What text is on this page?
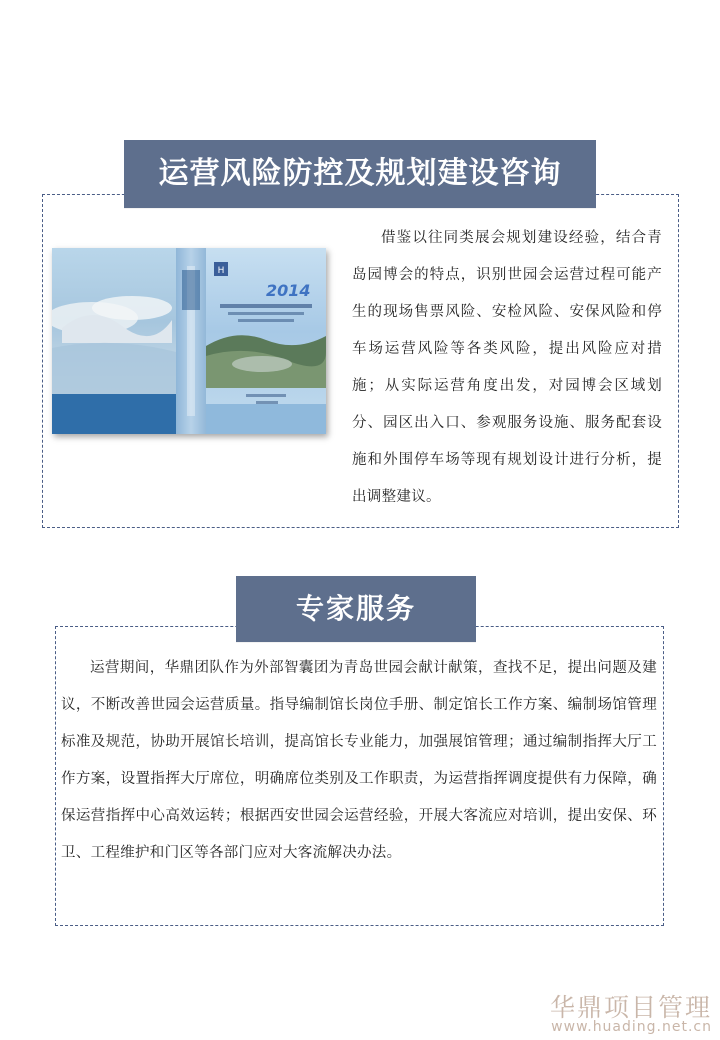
运营风险防控及规划建设咨询
H
2014

借鉴以往同类展会规划建设经验，结合青岛园博会的特点，识别世园会运营过程可能产生的现场售票风险、安检风险、安保风险和停车场运营风险等各类风险，提出风险应对措施；从实际运营角度出发，对园博会区域划分、园区出入口、参观服务设施、服务配套设施和外围停车场等现有规划设计进行分析，提出调整建议。

专家服务

运营期间，华鼎团队作为外部智囊团为青岛世园会献计献策，查找不足，提出问题及建议，不断改善世园会运营质量。指导编制馆长岗位手册、制定馆长工作方案、编制场馆管理标准及规范，协助开展馆长培训，提高馆长专业能力，加强展馆管理；通过编制指挥大厅工作方案，设置指挥大厅席位，明确席位类别及工作职责，为运营指挥调度提供有力保障，确保运营指挥中心高效运转；根据西安世园会运营经验，开展大客流应对培训，提出安保、环卫、工程维护和门区等各部门应对大客流解决办法。

华鼎项目管理
www.huading.net.cn
